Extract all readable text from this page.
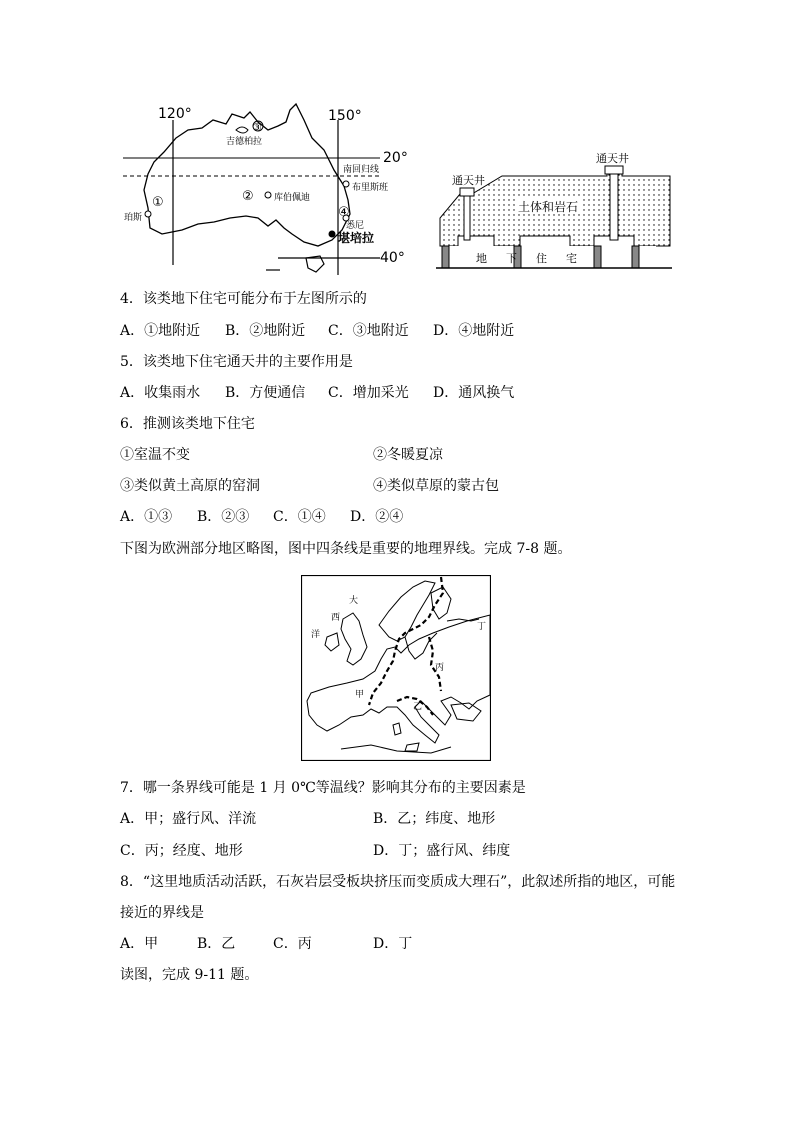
120°	150°
20°
40°
南回归线
③
吉德柏拉
② 库伯佩迪
布里斯班
①
珀斯	④
悉尼
堪培拉
通天井
通天井
土体和岩石
地 下 住 宅
4．该类地下住宅可能分布于左图所示的
A．①地附近 B．②地附近 C．③地附近 D．④地附近
5．该类地下住宅通天井的主要作用是
A．收集雨水 B．方便通信 C．增加采光 D．通风换气
6．推测该类地下住宅
①室温不变	②冬暖夏凉
③类似黄土高原的窑洞	④类似草原的蒙古包
A．①③ B．②③ C．①④ D．②④
下图为欧洲部分地区略图，图中四条线是重要的地理界线。完成 7-8 题。
大
西
洋
甲
乙
丙
丁
7．哪一条界线可能是 1 月 0℃等温线？影响其分布的主要因素是
A．甲；盛行风、洋流	B．乙；纬度、地形
C．丙；经度、地形	D．丁；盛行风、纬度
8．“这里地质活动活跃，石灰岩层受板块挤压而变质成大理石”，此叙述所指的地区，可能
接近的界线是
A．甲	B．乙	C．丙	D．丁
读图，完成 9-11 题。
